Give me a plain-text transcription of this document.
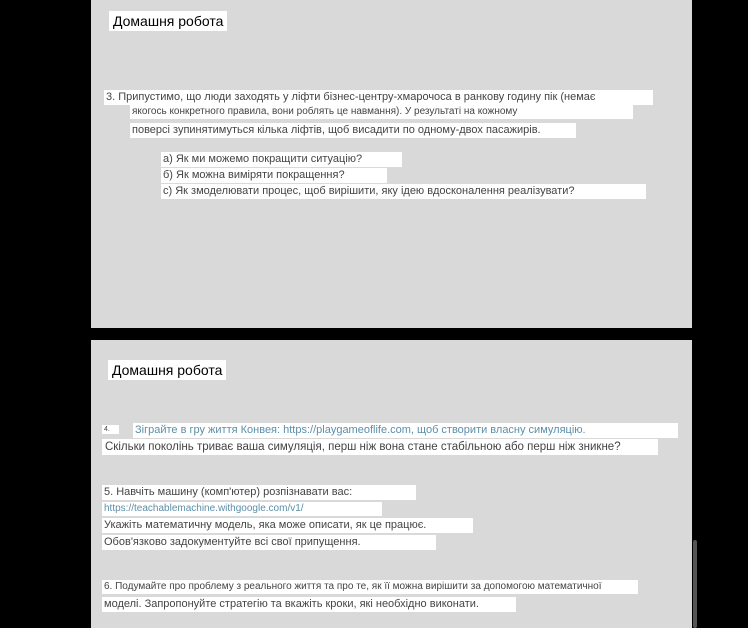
Домашня робота
3. Припустимо, що люди заходять у ліфти бізнес-центру-хмарочоса в ранкову годину пік (немає
якогось конкретного правила, вони роблять це навмання). У результаті на кожному
поверсі зупинятимуться кілька ліфтів, щоб висадити по одному-двох пасажирів.
а) Як ми можемо покращити ситуацію?
б) Як можна виміряти покращення?
с) Як змоделювати процес, щоб вирішити, яку ідею вдосконалення реалізувати?
Домашня робота
4.	Зіграйте в гру життя Конвея: https://playgameoflife.com, щоб створити власну симуляцію.
Скільки поколінь триває ваша симуляція, перш ніж вона стане стабільною або перш ніж зникне?
5. Навчіть машину (комп'ютер) розпізнавати вас:
https://teachablemachine.withgoogle.com/v1/
Укажіть математичну модель, яка може описати, як це працює.
Обов'язково задокументуйте всі свої припущення.
6. Подумайте про проблему з реального життя та про те, як її можна вирішити за допомогою математичної
моделі. Запропонуйте стратегію та вкажіть кроки, які необхідно виконати.
